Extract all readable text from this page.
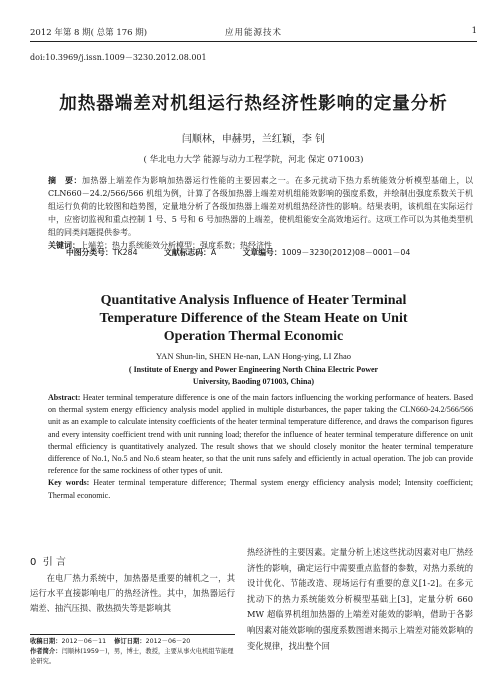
2012 年第 8 期( 总第 176 期)	应用能源技术	1
doi:10.3969/j.issn.1009－3230.2012.08.001
加热器端差对机组运行热经济性影响的定量分析
闫顺林，申赫男，兰红颖，李 钊
( 华北电力大学 能源与动力工程学院，河北 保定 071003)
摘　要：加热器上端差作为影响加热器运行性能的主要因素之一。在多元扰动下热力系统能效分析模型基础上，以 CLN660－24.2/566/566 机组为例，计算了各级加热器上端差对机组能效影响的强度系数，并绘制出强度系数关于机组运行负荷的比较图和趋势图，定量地分析了各级加热器上端差对机组热经济性的影响。结果表明，该机组在实际运行中，应密切监视和重点控制 1 号、5 号和 6 号加热器的上端差，使机组能安全高效地运行。这项工作可以为其他类型机组的同类问题提供参考。
关键词：上端差；热力系统能效分析模型；强度系数；热经济性
中图分类号：TK284	文献标志码：A	文章编号：1009－3230(2012)08－0001－04
Quantitative Analysis Influence of Heater Terminal
Temperature Difference of the Steam Heate on Unit
Operation Thermal Economic
YAN Shun-lin, SHEN He-nan, LAN Hong-ying, LI Zhao
( Institute of Energy and Power Engineering North China Electric Power
University, Baoding 071003, China)
Abstract: Heater terminal temperature difference is one of the main factors influencing the working performance of heaters. Based on thermal system energy efficiency analysis model applied in multiple disturbances, the paper taking the CLN660-24.2/566/566 unit as an example to calculate intensity coefficients of the heater terminal temperature difference, and draws the comparison figures and every intensity coefficient trend with unit running load; therefor the influence of heater terminal temperature difference on unit thermal efficiency is quantitatively analyzed. The result shows that we should closely monitor the heater terminal temperature difference of No.1, No.5 and No.6 steam heater, so that the unit runs safely and efficiently in actual operation. The job can provide reference for the same rockiness of other types of unit.
Key words: Heater terminal temperature difference; Thermal system energy efficiency analysis model; Intensity coefficient; Thermal economic.
0 引 言

在电厂热力系统中，加热器是重要的辅机之一，其运行水平直接影响电厂的热经济性。其中，加热器运行端差、抽汽压损、散热损失等是影响其

热经济性的主要因素。定量分析上述这些扰动因素对电厂热经济性的影响，确定运行中需要重点监督的参数，对热力系统的设计优化、节能改造、现场运行有重要的意义[1-2]。在多元扰动下的热力系统能效分析模型基础上[3]，定量分析 660 MW 超临界机组加热器的上端差对能效的影响，借助于各影响因素对能效影响的强度系数图谱来揭示上端差对能效影响的变化规律，找出整个回

收稿日期：2012－06－11 修订日期：2012－06－20
作者简介：闫顺林(1959－)，男，博士，教授，主要从事火电机组节能理论研究。
